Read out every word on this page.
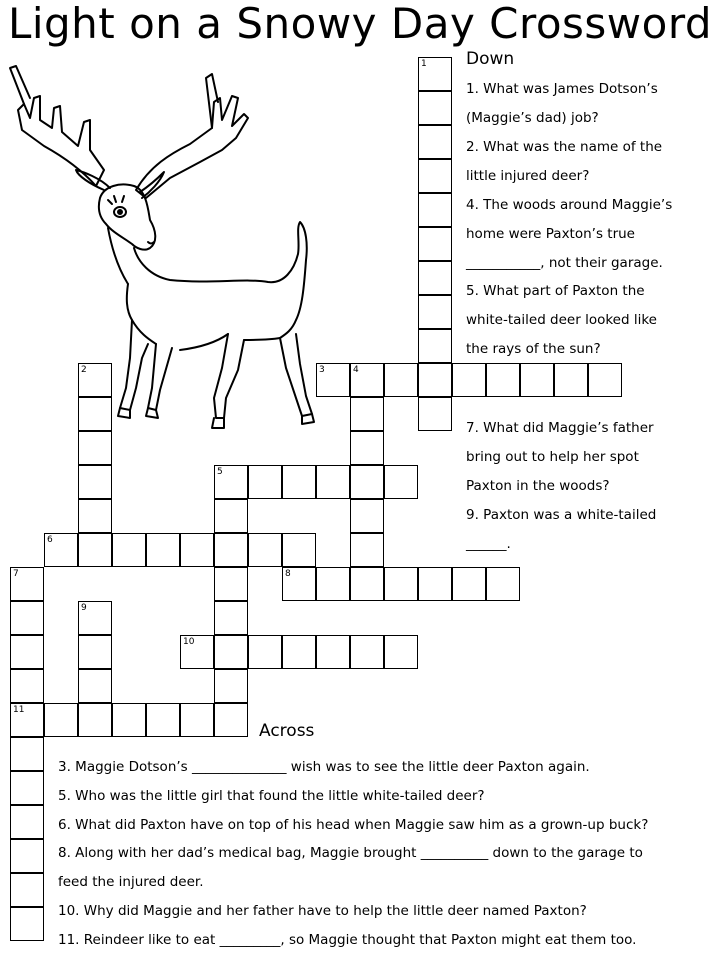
Light on a Snowy Day Crossword
1
2	3	4
5
6
7
11
8
9
10
Down
1. What was James Dotson’s
(Maggie’s dad) job?
2. What was the name of the
little injured deer?
4. The woods around Maggie’s
home were Paxton’s true
___________, not their garage.
5. What part of Paxton the
white-tailed deer looked like
the rays of the sun?
7. What did Maggie’s father
bring out to help her spot
Paxton in the woods?
9. Paxton was a white-tailed
______.
Across
3. Maggie Dotson’s ______________ wish was to see the little deer Paxton again.
5. Who was the little girl that found the little white-tailed deer?
6. What did Paxton have on top of his head when Maggie saw him as a grown-up buck?
8. Along with her dad’s medical bag, Maggie brought __________ down to the garage to
feed the injured deer.
10. Why did Maggie and her father have to help the little deer named Paxton?
11. Reindeer like to eat _________, so Maggie thought that Paxton might eat them too.
